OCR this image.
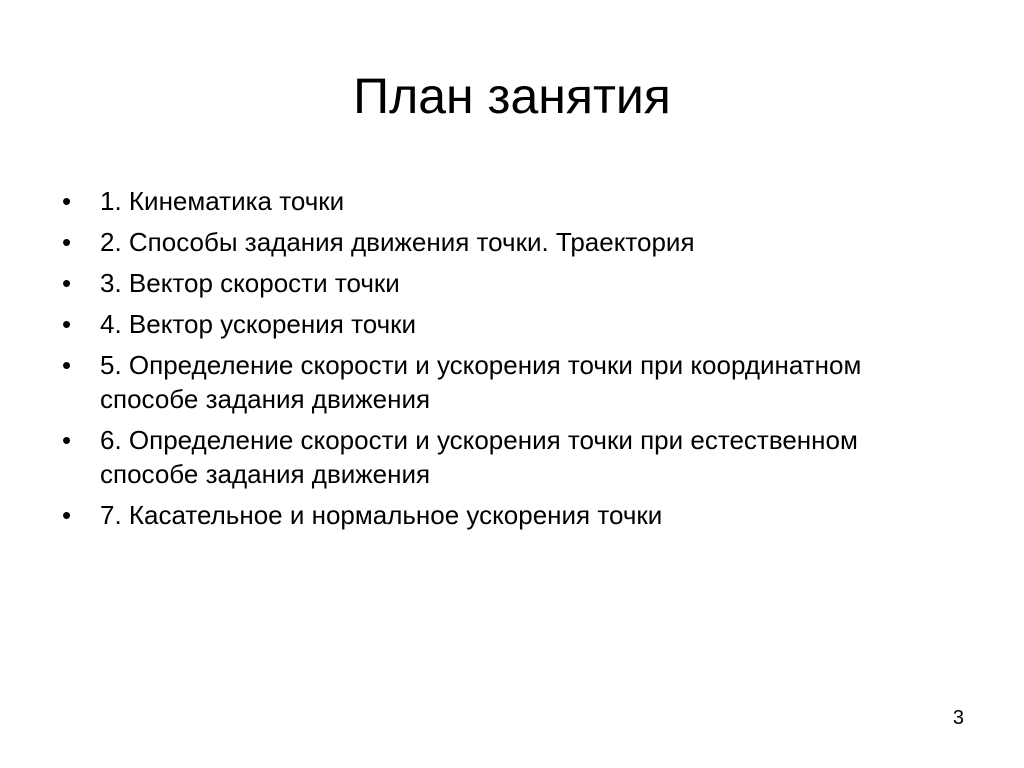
План занятия
•	1. Кинематика точки
•	2. Способы задания движения точки. Траектория
•	3. Вектор скорости точки
•	4. Вектор ускорения точки
•	5. Определение скорости и ускорения точки при координатном способе задания движения
•	6. Определение скорости и ускорения точки при естественном способе задания движения
•	7. Касательное и нормальное ускорения точки
3
